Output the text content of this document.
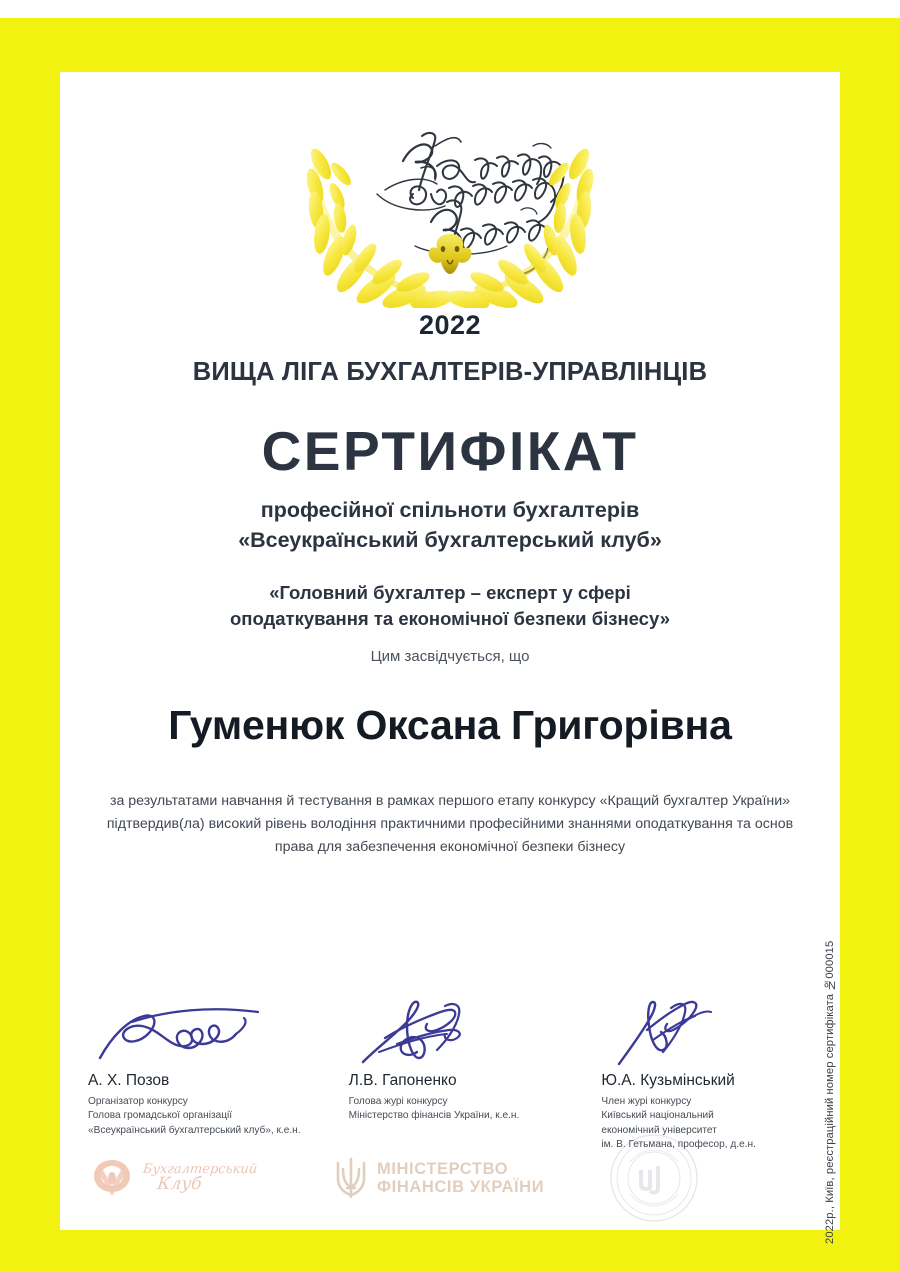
2022
ВИЩА ЛІГА БУХГАЛТЕРІВ-УПРАВЛІНЦІВ
СЕРТИФІКАТ
професійної спільноти бухгалтерів
«Всеукраїнський бухгалтерський клуб»
«Головний бухгалтер – експерт у сфері
оподаткування та економічної безпеки бізнесу»
Цим засвідчується, що
Гуменюк Оксана Григорівна
за результатами навчання й тестування в рамках першого етапу конкурсу «Кращий бухгалтер України» підтвердив(ла) високий рівень володіння практичними професійними знаннями оподаткування та основ права для забезпечення економічної безпеки бізнесу
2022р., Київ, реєстраційний номер сертифіката №000015
А. Х. Позов
Організатор конкурсу
Голова громадської організації
«Всеукраїнський бухгалтерський клуб», к.е.н.
Л.В. Гапоненко
Голова журі конкурсу
Міністерство фінансів України, к.е.н.
Ю.А. Кузьмінський
Член журі конкурсу
Київський національний
економічний університет
ім. В. Гетьмана, професор, д.е.н.
Бухгалтерський
Клуб
МІНІСТЕРСТВО
ФІНАНСІВ УКРАЇНИ
